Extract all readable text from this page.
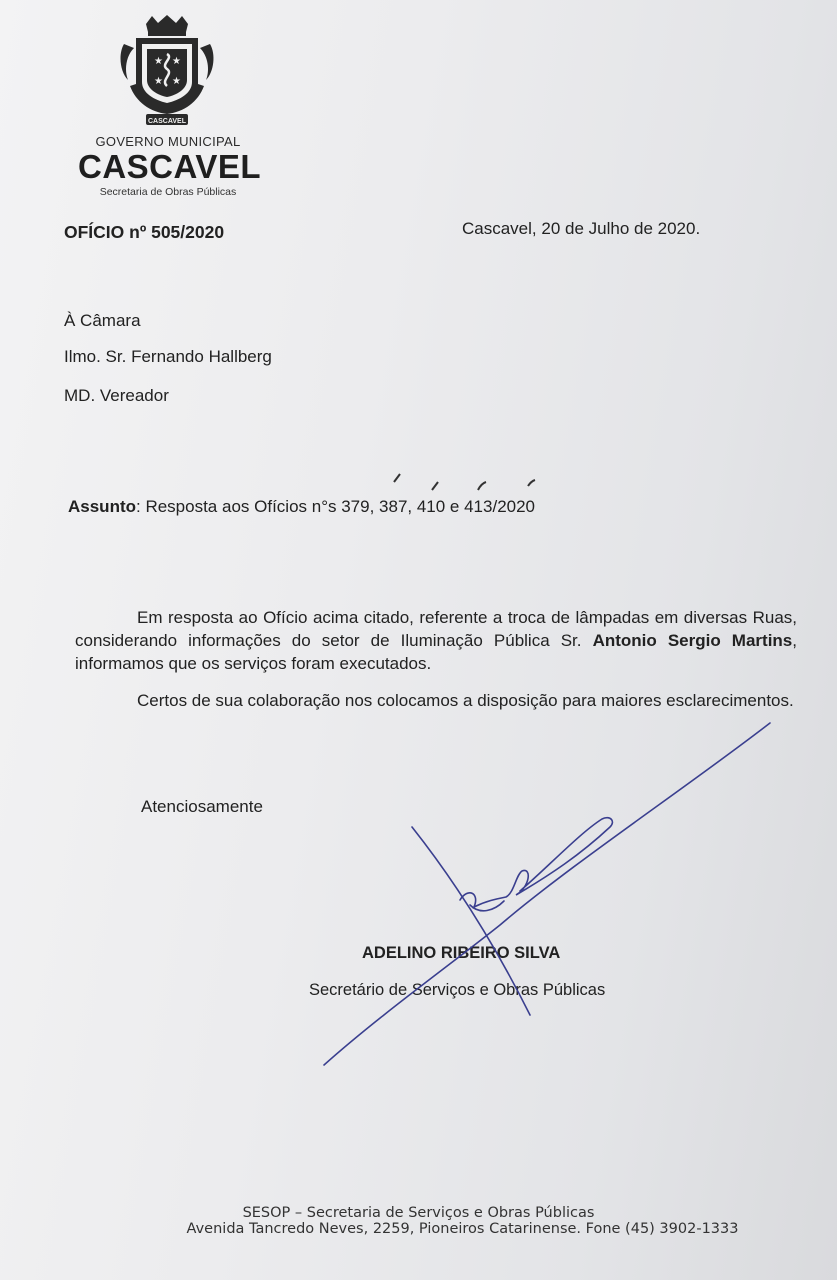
★ ★
★ ★
CASCAVEL
GOVERNO MUNICIPAL
CASCAVEL
Secretaria de Obras Públicas
OFÍCIO nº 505/2020	Cascavel, 20 de Julho de 2020.
À Câmara
Ilmo. Sr. Fernando Hallberg
MD. Vereador
Assunto: Resposta aos Ofícios n°s 379, 387, 410 e 413/2020
Em resposta ao Ofício acima citado, referente a troca de lâmpadas em diversas Ruas, considerando informações do setor de Iluminação Pública Sr. Antonio Sergio Martins, informamos que os serviços foram executados.
Certos de sua colaboração nos colocamos a disposição para maiores esclarecimentos.
Atenciosamente
ADELINO RIBEIRO SILVA
Secretário de Serviços e Obras Públicas
SESOP – Secretaria de Serviços e Obras Públicas
Avenida Tancredo Neves, 2259, Pioneiros Catarinense. Fone (45) 3902-1333
